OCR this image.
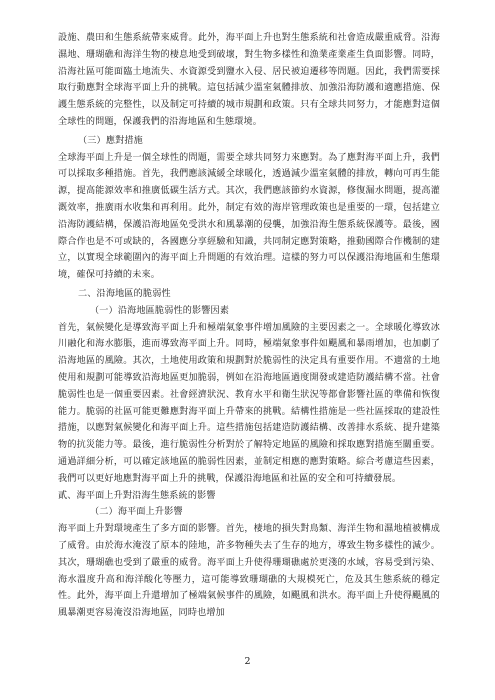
設施、農田和生態系統帶來威脅。此外，海平面上升也對生態系統和社會造成嚴重威脅。沿海濕地、珊瑚礁和海洋生物的棲息地受到破壞，對生物多樣性和漁業產業產生負面影響。同時，沿海社區可能面臨土地流失、水資源受到鹽水入侵、居民被迫遷移等問題。因此，我們需要採取行動應對全球海平面上升的挑戰。這包括減少溫室氣體排放、加強沿海防護和適應措施、保護生態系統的完整性，以及制定可持續的城市規劃和政策。只有全球共同努力，才能應對這個全球性的問題，保護我們的沿海地區和生態環境。

（三）應對措施

全球海平面上升是一個全球性的問題，需要全球共同努力來應對。為了應對海平面上升，我們可以採取多種措施。首先，我們應該減緩全球暖化，透過減少溫室氣體的排放，轉向可再生能源，提高能源效率和推廣低碳生活方式。其次，我們應該節約水資源，修復漏水問題，提高灌溉效率，推廣雨水收集和再利用。此外，制定有效的海岸管理政策也是重要的一環，包括建立沿海防護結構，保護沿海地區免受洪水和風暴潮的侵襲，加強沿海生態系統保護等。最後，國際合作也是不可或缺的，各國應分享經驗和知識，共同制定應對策略，推動國際合作機制的建立，以實現全球範圍內的海平面上升問題的有效治理。這樣的努力可以保護沿海地區和生態環境，確保可持續的未來。

二、沿海地區的脆弱性

（一）沿海地區脆弱性的影響因素

首先，氣候變化是導致海平面上升和極端氣象事件增加風險的主要因素之一。全球暖化導致冰川融化和海水膨脹，進而導致海平面上升。同時，極端氣象事件如颶風和暴雨增加，也加劇了沿海地區的風險。其次，土地使用政策和規劃對於脆弱性的決定具有重要作用。不適當的土地使用和規劃可能導致沿海地區更加脆弱，例如在沿海地區過度開發或建造防護結構不當。社會脆弱性也是一個重要因素。社會經濟狀況、教育水平和衛生狀況等都會影響社區的準備和恢復能力。脆弱的社區可能更難應對海平面上升帶來的挑戰。結構性措施是一些社區採取的建設性措施，以應對氣候變化和海平面上升。這些措施包括建造防護結構、改善排水系統、提升建築物的抗災能力等。最後，進行脆弱性分析對於了解特定地區的風險和採取應對措施至關重要。通過詳細分析，可以確定該地區的脆弱性因素，並制定相應的應對策略。綜合考慮這些因素，我們可以更好地應對海平面上升的挑戰，保護沿海地區和社區的安全和可持續發展。

貳、海平面上升對沿海生態系統的影響

（二）海平面上升影響

海平面上升對環境產生了多方面的影響。首先，棲地的損失對鳥類、海洋生物和濕地植被構成了威脅。由於海水淹沒了原本的陸地，許多物種失去了生存的地方，導致生物多樣性的減少。其次，珊瑚礁也受到了嚴重的威脅。海平面上升使得珊瑚礁處於更淺的水域，容易受到污染、海水溫度升高和海洋酸化等壓力，這可能導致珊瑚礁的大規模死亡，危及其生態系統的穩定性。此外，海平面上升還增加了極端氣候事件的風險，如颶風和洪水。海平面上升使得颶風的風暴潮更容易淹沒沿海地區，同時也增加

2
